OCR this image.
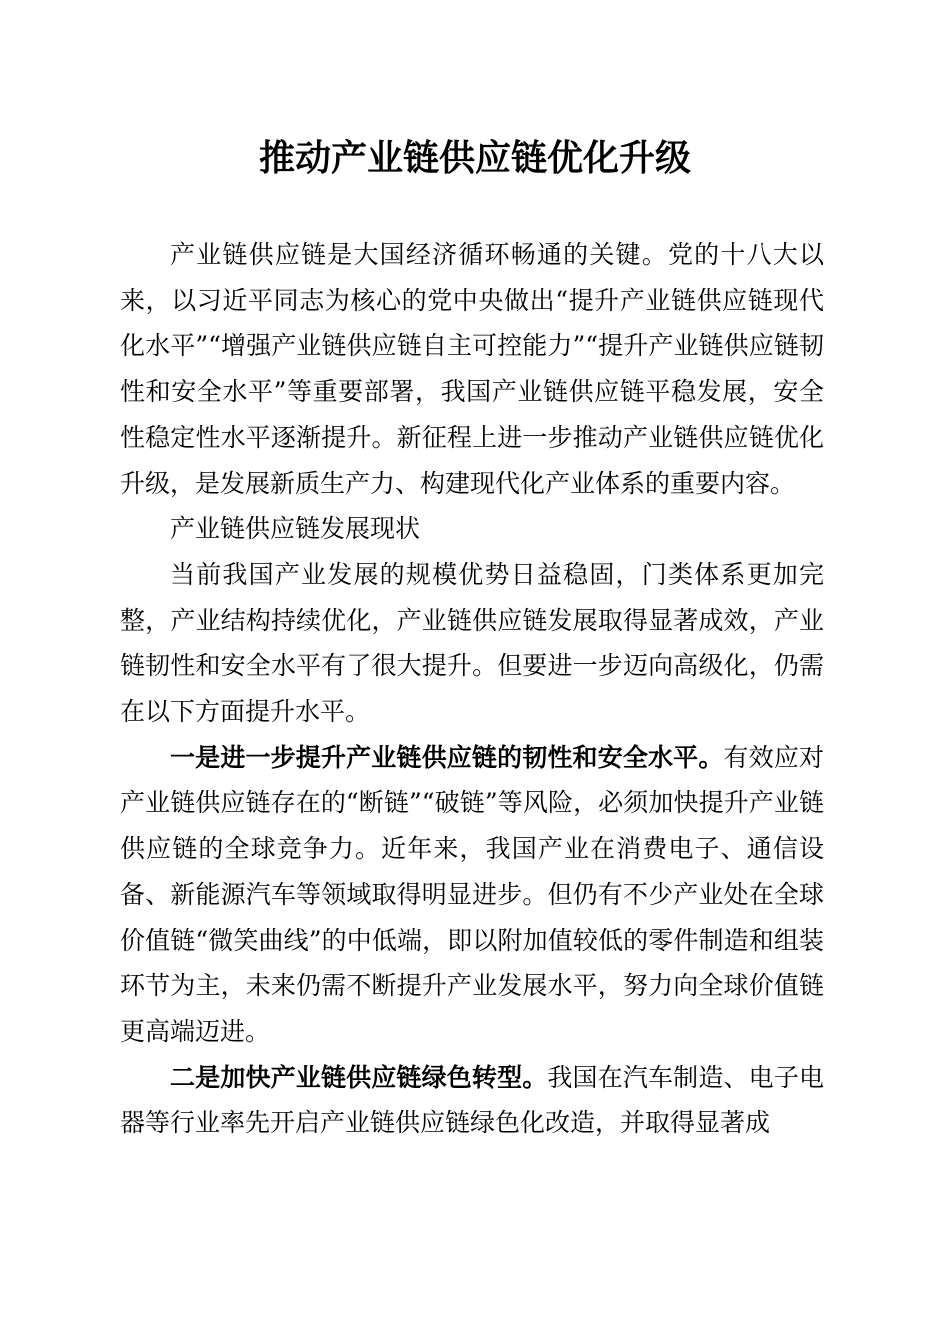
推动产业链供应链优化升级

产业链供应链是大国经济循环畅通的关键。党的十八大以来，以习近平同志为核心的党中央做出“提升产业链供应链现代化水平”“增强产业链供应链自主可控能力”“提升产业链供应链韧性和安全水平”等重要部署，我国产业链供应链平稳发展，安全性稳定性水平逐渐提升。新征程上进一步推动产业链供应链优化升级，是发展新质生产力、构建现代化产业体系的重要内容。

产业链供应链发展现状

当前我国产业发展的规模优势日益稳固，门类体系更加完整，产业结构持续优化，产业链供应链发展取得显著成效，产业链韧性和安全水平有了很大提升。但要进一步迈向高级化，仍需在以下方面提升水平。

一是进一步提升产业链供应链的韧性和安全水平。有效应对产业链供应链存在的“断链”“破链”等风险，必须加快提升产业链供应链的全球竞争力。近年来，我国产业在消费电子、通信设备、新能源汽车等领域取得明显进步。但仍有不少产业处在全球价值链“微笑曲线”的中低端，即以附加值较低的零件制造和组装环节为主，未来仍需不断提升产业发展水平，努力向全球价值链更高端迈进。

二是加快产业链供应链绿色转型。我国在汽车制造、电子电器等行业率先开启产业链供应链绿色化改造，并取得显著成
